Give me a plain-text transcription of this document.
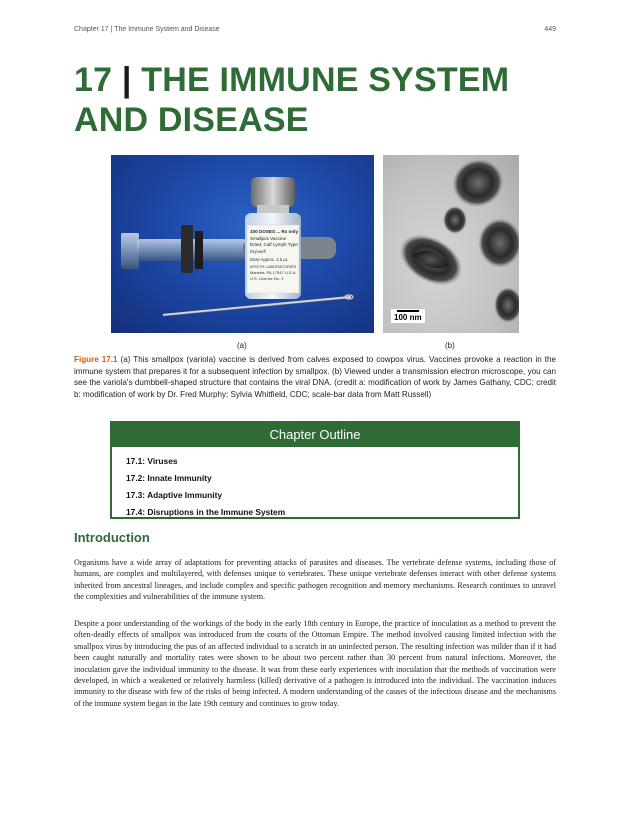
Chapter 17 | The Immune System and Disease	449
17 | THE IMMUNE SYSTEM
AND DISEASE
100 DOSES ... Rx only
Smallpox Vaccine
Dried, Calf Lymph Type
Dryvax®
Dose Approx. 2.5 µL
WYETH LABORATORIES
Marietta, PA 17547 U.S.A.
U.S. License No. 3
100 nm
(a)	(b)

Figure 17.1 (a) This smallpox (variola) vaccine is derived from calves exposed to cowpox virus. Vaccines provoke a reaction in the immune system that prepares it for a subsequent infection by smallpox. (b) Viewed under a transmission electron microscope, you can see the variola's dumbbell-shaped structure that contains the viral DNA. (credit a: modification of work by James Gathany, CDC; credit b: modification of work by Dr. Fred Murphy; Sylvia Whitfield, CDC; scale-bar data from Matt Russell)

Chapter Outline
17.1: Viruses
17.2: Innate Immunity
17.3: Adaptive Immunity
17.4: Disruptions in the Immune System
Introduction

Organisms have a wide array of adaptations for preventing attacks of parasites and diseases. The vertebrate defense systems, including those of humans, are complex and multilayered, with defenses unique to vertebrates. These unique vertebrate defenses interact with other defense systems inherited from ancestral lineages, and include complex and specific pathogen recognition and memory mechanisms. Research continues to unravel the complexities and vulnerabilities of the immune system.

Despite a poor understanding of the workings of the body in the early 18th century in Europe, the practice of inoculation as a method to prevent the often-deadly effects of smallpox was introduced from the courts of the Ottoman Empire. The method involved causing limited infection with the smallpox virus by introducing the pus of an affected individual to a scratch in an uninfected person. The resulting infection was milder than if it had been caught naturally and mortality rates were shown to be about two percent rather than 30 percent from natural infections. Moreover, the inoculation gave the individual immunity to the disease. It was from these early experiences with inoculation that the methods of vaccination were developed, in which a weakened or relatively harmless (killed) derivative of a pathogen is introduced into the individual. The vaccination induces immunity to the disease with few of the risks of being infected. A modern understanding of the causes of the infectious disease and the mechanisms of the immune system began in the late 19th century and continues to grow today.
